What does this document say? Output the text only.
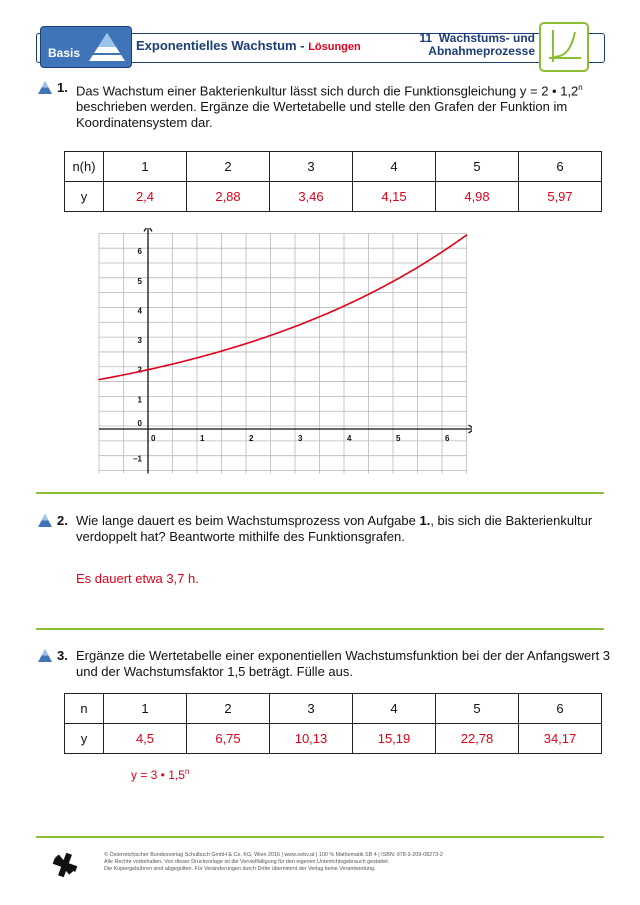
Basis	Exponentielles Wachstum - Lösungen
11 Wachstums- und
Abnahmeprozesse
1. Das Wachstum einer Bakterienkultur lässt sich durch die Funktionsgleichung y = 2 • 1,2$^n$
beschrieben werden. Ergänze die Wertetabelle und stelle den Grafen der Funktion im
Koordinatensystem dar.
n(h)	1	2	3	4	5	6
y	2,4	2,88	3,46	4,15	4,98	5,97
0	1	2	3	4	5	6
−1
0
1
2
3
4
5
6
2. Wie lange dauert es beim Wachstumsprozess von Aufgabe 1., bis sich die Bakterienkultur
verdoppelt hat? Beantworte mithilfe des Funktionsgrafen.
Es dauert etwa 3,7 h.
3. Ergänze die Wertetabelle einer exponentiellen Wachstumsfunktion bei der der Anfangswert 3
und der Wachstumsfaktor 1,5 beträgt. Fülle aus.
n	1	2	3	4	5	6
y	4,5	6,75	10,13	15,19	22,78	34,17
y = 3 • 1,5$^n$
© Österreichischer Bundesverlag Schulbuch GmbH & Co. KG, Wien 2016 | www.oebv.at | 100 % Mathematik SB 4 | ISBN: 978-3-209-08273-2
Alle Rechte vorbehalten. Von dieser Druckvorlage ist die Vervielfältigung für den eigenen Unterrichtsgebrauch gestattet.
Die Kopiergebühren sind abgegolten. Für Veränderungen durch Dritte übernimmt der Verlag keine Verantwortung.
